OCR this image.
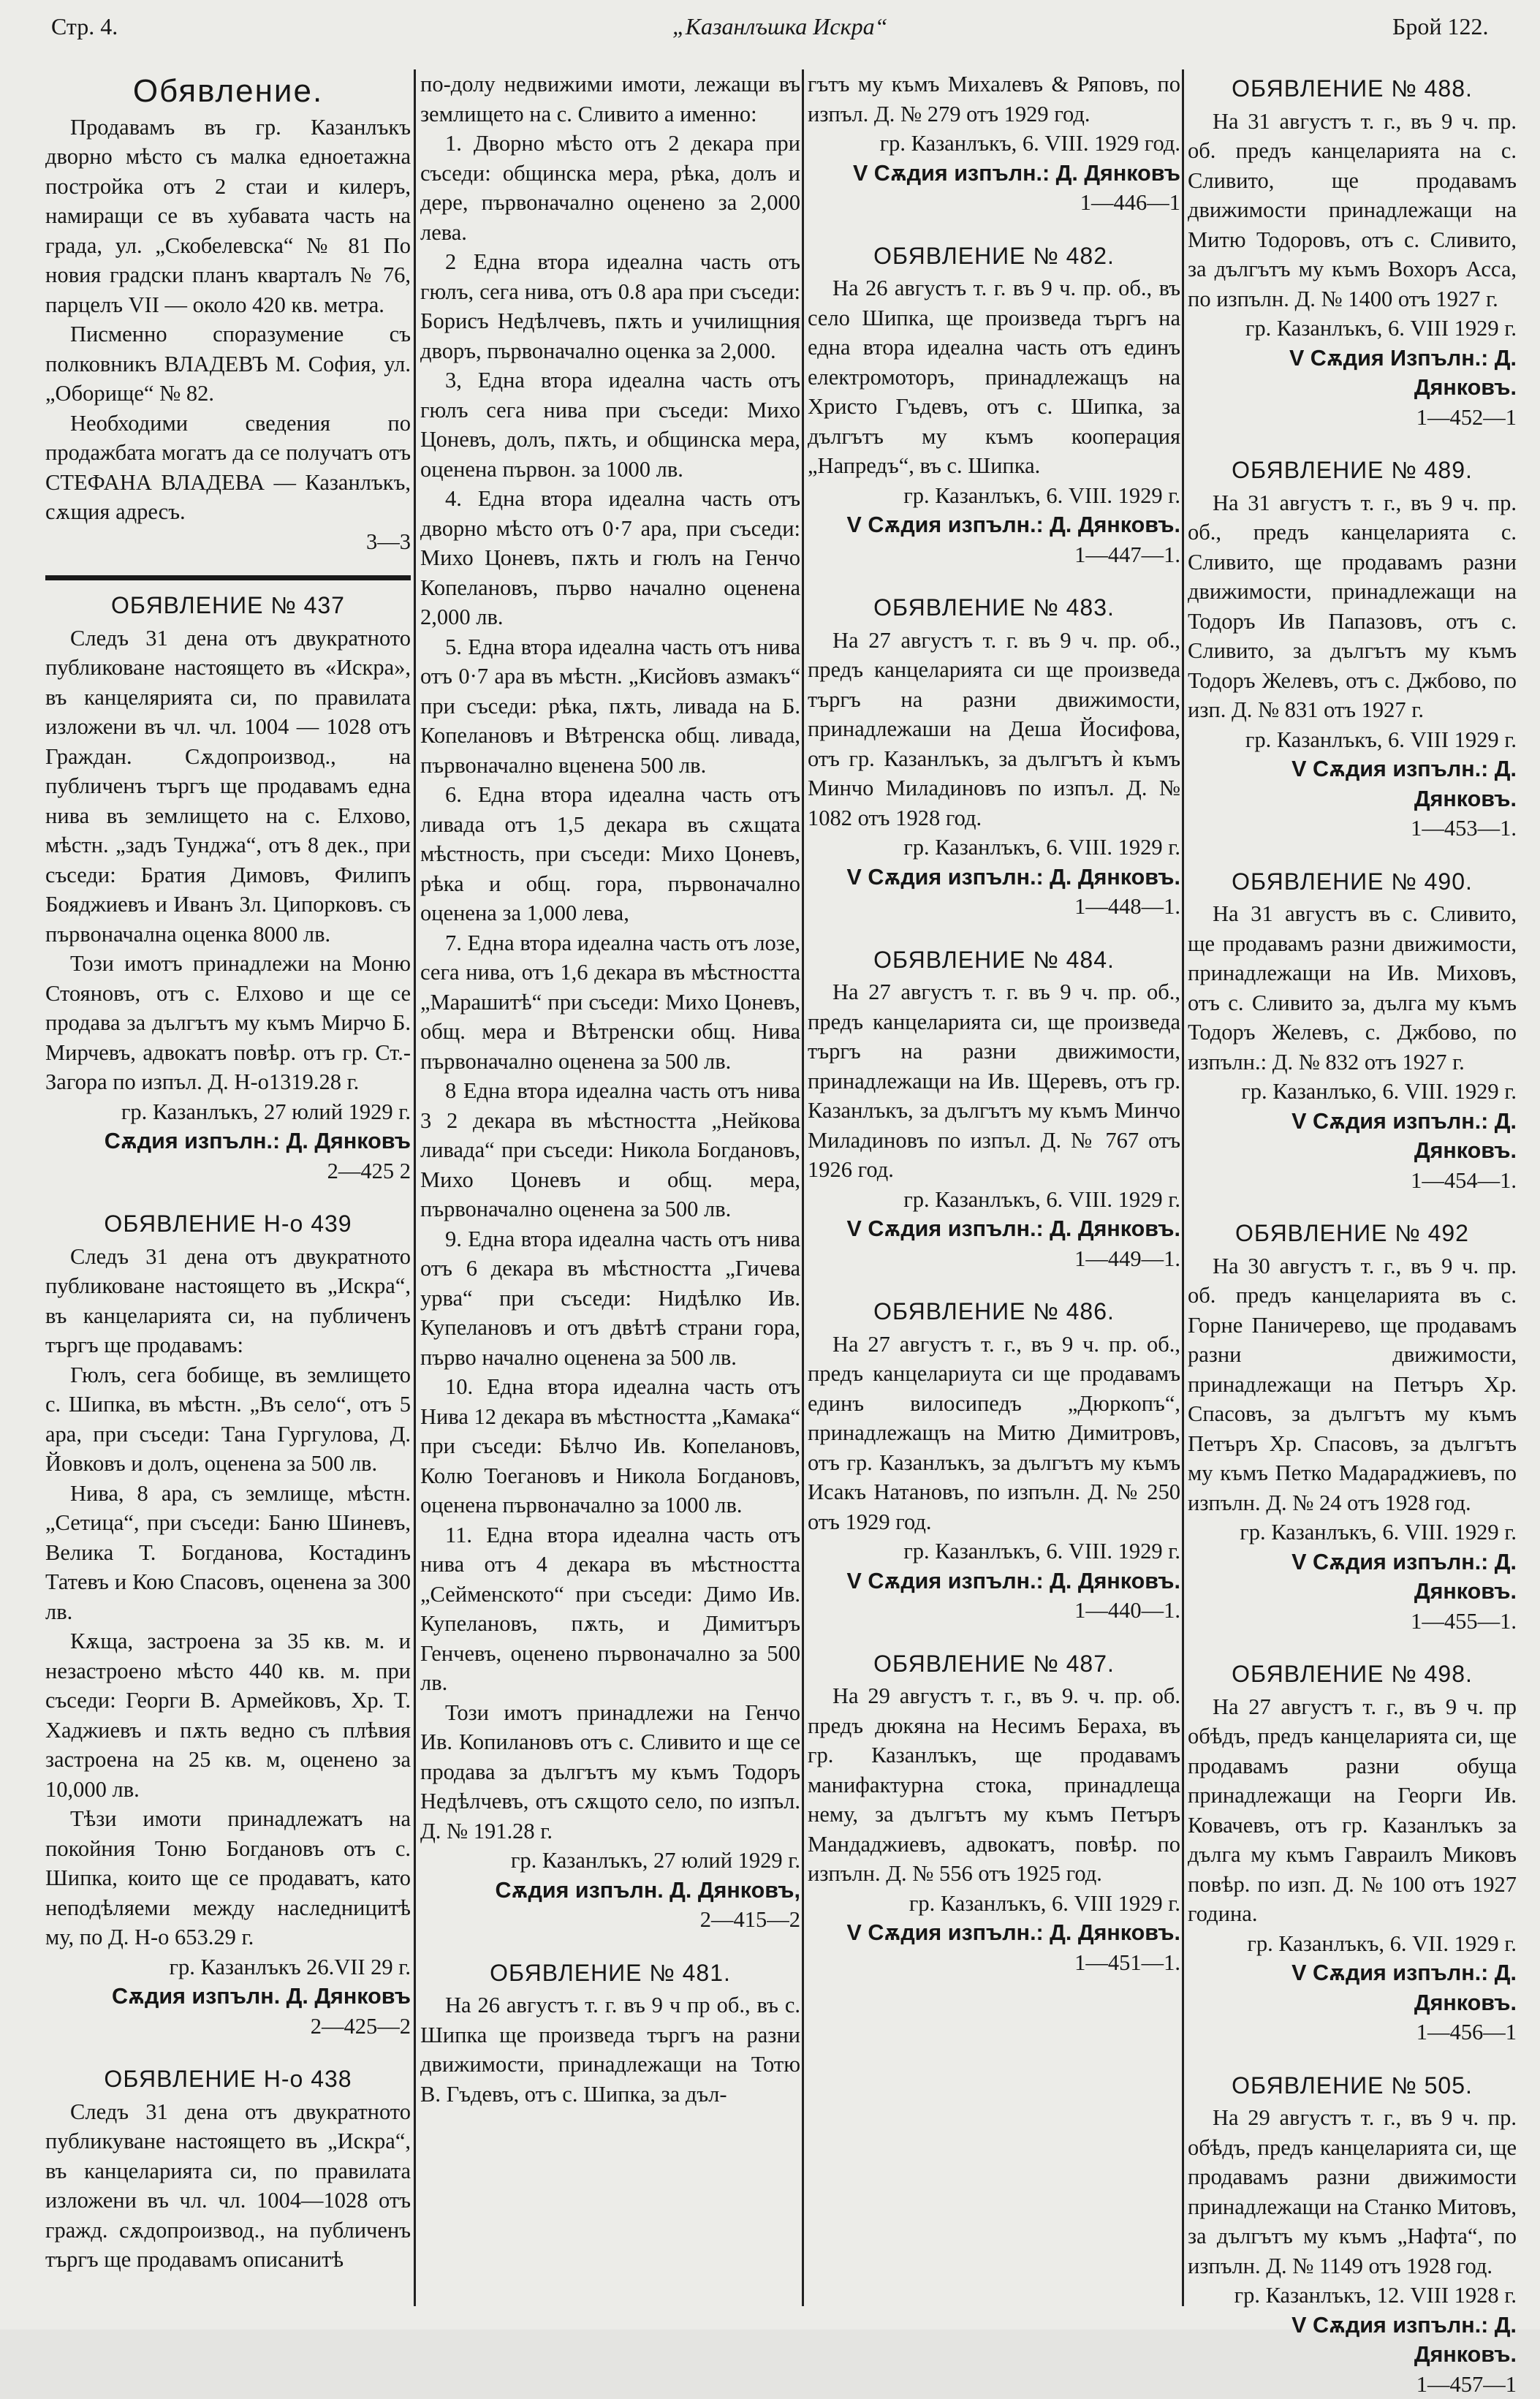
Стр. 4.	„Казанлъшка Искра“	Брой 122.
Обявление.

Продавамъ въ гр. Казанлъкъ дворно мѣсто съ малка едноетажна постройка отъ 2 стаи и килеръ, намиращи се въ хубавата часть на града, ул. „Скобелевска“ № 81 По новия градски планъ кварталъ № 76, парцелъ VII — около 420 кв. метра.

Писменно споразумение съ полковникъ ВЛАДЕВЪ М. София, ул. „Оборище“ № 82.

Необходими сведения по продажбата могатъ да се получатъ отъ СТЕФАНА ВЛАДЕВА — Казанлъкъ, сѫщия адресъ.

3—3

ОБЯВЛЕНИЕ № 437

Следъ 31 дена отъ двукратното публиковане настоящето въ «Искра», въ канцелярията си, по правилата изложени въ чл. чл. 1004 — 1028 отъ Граждан. Сѫдопроизвод., на публиченъ търгъ ще продавамъ една нива въ землището на с. Елхово, мѣстн. „задъ Тунджа“, отъ 8 дек., при съседи: Братия Димовъ, Филипъ Бояджиевъ и Иванъ Зл. Ципорковъ. съ първоначална оценка 8000 лв.

Този имотъ принадлежи на Моню Стояновъ, отъ с. Елхово и ще се продава за дългътъ му къмъ Мирчо Б. Мирчевъ, адвокатъ повѣр. отъ гр. Ст.-Загора по изпъл. Д. Н-о1319.28 г.

гр. Казанлъкъ, 27 юлий 1929 г.

Сѫдия изпълн.: Д. Дянковъ

2—425 2

ОБЯВЛЕНИЕ Н-о 439

Следъ 31 дена отъ двукратното публиковане настоящето въ „Искра“, въ канцеларията си, на публиченъ търгъ ще продавамъ:

Гюлъ, сега бобище, въ землището с. Шипка, въ мѣстн. „Въ село“, отъ 5 ара, при съседи: Тана Гургулова, Д. Йовковъ и долъ, оценена за 500 лв.

Нива, 8 ара, съ землище, мѣстн. „Сетица“, при съседи: Баню Шиневъ, Велика Т. Богданова, Костадинъ Татевъ и Кою Спасовъ, оценена за 300 лв.

Кѫща, застроена за 35 кв. м. и незастроено мѣсто 440 кв. м. при съседи: Георги В. Армейковъ, Хр. Т. Хаджиевъ и пѫть ведно съ плѣвия застроена на 25 кв. м, оценено за 10,000 лв.

Тѣзи имоти принадлежатъ на покойния Тоню Богдановъ отъ с. Шипка, които ще се продаватъ, като неподѣляеми между наследницитѣ му, по Д. Н-о 653.29 г.

гр. Казанлъкъ 26.VII 29 г.

Сѫдия изпълн. Д. Дянковъ

2—425—2

ОБЯВЛЕНИЕ Н-о 438

Следъ 31 дена отъ двукратното публикуване настоящето въ „Искра“, въ канцеларията си, по правилата изложени въ чл. чл. 1004—1028 отъ гражд. сѫдопроизвод., на публиченъ търгъ ще продавамъ описанитѣ

по-долу недвижими имоти, лежащи въ землището на с. Сливито а именно:

1. Дворно мѣсто отъ 2 декара при съседи: общинска мера, рѣка, долъ и дере, първоначално оценено за 2,000 лева.

2 Една втора идеална часть отъ гюлъ, сега нива, отъ 0.8 ара при съседи: Борисъ Недѣлчевъ, пѫть и училищния дворъ, първоначално оценка за 2,000.

3, Една втора идеална часть отъ гюлъ сега нива при съседи: Михо Цоневъ, долъ, пѫть, и общинска мера, оценена първон. за 1000 лв.

4. Една втора идеална часть отъ дворно мѣсто отъ 0·7 ара, при съседи: Михо Цоневъ, пѫть и гюлъ на Генчо Копелановъ, първо начално оценена 2,000 лв.

5. Една втора идеална часть отъ нива отъ 0·7 ара въ мѣстн. „Кисйовъ азмакъ“ при съседи: рѣка, пѫть, ливада на Б. Копелановъ и Вѣтренска общ. ливада, първоначално вценена 500 лв.

6. Една втора идеална часть отъ ливада отъ 1,5 декара въ сѫщата мѣстность, при съседи: Михо Цоневъ, рѣка и общ. гора, първоначално оценена за 1,000 лева,

7. Една втора идеална часть отъ лозе, сега нива, отъ 1,6 декара въ мѣстността „Марашитѣ“ при съседи: Михо Цоневъ, общ. мера и Вѣтренски общ. Нива първоначално оценена за 500 лв.

8 Една втора идеална часть отъ нива 3 2 декара въ мѣстността „Нейкова ливада“ при съседи: Никола Богдановъ, Михо Цоневъ и общ. мера, първоначално оценена за 500 лв.

9. Една втора идеална часть отъ нива отъ 6 декара въ мѣстността „Гичева урва“ при съседи: Нидѣлко Ив. Купелановъ и отъ двѣтѣ страни гора, първо начално оценена за 500 лв.

10. Една втора идеална часть отъ Нива 12 декара въ мѣстността „Камака“ при съседи: Бѣлчо Ив. Копелановъ, Колю Тоегановъ и Никола Богдановъ, оценена първоначално за 1000 лв.

11. Една втора идеална часть отъ нива отъ 4 декара въ мѣстността „Сейменското“ при съседи: Димо Ив. Купелановъ, пѫть, и Димитъръ Генчевъ, оценено първоначално за 500 лв.

Този имотъ принадлежи на Генчо Ив. Копилановъ отъ с. Сливито и ще се продава за дългътъ му къмъ Тодоръ Недѣлчевъ, отъ сѫщото село, по изпъл. Д. № 191.28 г.

гр. Казанлъкъ, 27 юлий 1929 г.

Сѫдия изпълн. Д. Дянковъ,

2—415—2

ОБЯВЛЕНИЕ № 481.

На 26 августъ т. г. въ 9 ч пр об., въ с. Шипка ще произведа търгъ на разни движимости, принадлежащи на Тотю В. Гъдевъ, отъ с. Шипка, за дъл-

гътъ му къмъ Михалевъ & Ряповъ, по изпъл. Д. № 279 отъ 1929 год.

гр. Казанлъкъ, 6. VIII. 1929 год.

V Сѫдия изпълн.: Д. Дянковъ

1—446—1

ОБЯВЛЕНИЕ № 482.

На 26 августъ т. г. въ 9 ч. пр. об., въ село Шипка, ще произведа търгъ на една втора идеална часть отъ единъ електромоторъ, принадлежащъ на Христо Гъдевъ, отъ с. Шипка, за дългътъ му къмъ кооперация „Напредъ“, въ с. Шипка.

гр. Казанлъкъ, 6. VIII. 1929 г.

V Сѫдия изпълн.: Д. Дянковъ.

1—447—1.

ОБЯВЛЕНИЕ № 483.

На 27 августъ т. г. въ 9 ч. пр. об., предъ канцеларията си ще произведа търгъ на разни движимости, принадлежаши на Деша Йосифова, отъ гр. Казанлъкъ, за дългътъ ѝ къмъ Минчо Миладиновъ по изпъл. Д. № 1082 отъ 1928 год.

гр. Казанлъкъ, 6. VIII. 1929 г.

V Сѫдия изпълн.: Д. Дянковъ.

1—448—1.

ОБЯВЛЕНИЕ № 484.

На 27 августъ т. г. въ 9 ч. пр. об., предъ канцеларията си, ще произведа търгъ на разни движимости, принадлежащи на Ив. Щеревъ, отъ гр. Казанлъкъ, за дългътъ му къмъ Минчо Миладиновъ по изпъл. Д. № 767 отъ 1926 год.

гр. Казанлъкъ, 6. VIII. 1929 г.

V Сѫдия изпълн.: Д. Дянковъ.

1—449—1.

ОБЯВЛЕНИЕ № 486.

На 27 августъ т. г., въ 9 ч. пр. об., предъ канцелариута си ще продавамъ единъ вилосипедъ „Дюркопъ“, принадлежащъ на Митю Димитровъ, отъ гр. Казанлъкъ, за дългътъ му къмъ Исакъ Натановъ, по изпълн. Д. № 250 отъ 1929 год.

гр. Казанлъкъ, 6. VIII. 1929 г.

V Сѫдия изпълн.: Д. Дянковъ.

1—440—1.

ОБЯВЛЕНИЕ № 487.

На 29 августъ т. г., въ 9. ч. пр. об. предъ дюкяна на Несимъ Бераха, въ гр. Казанлъкъ, ще продавамъ манифактурна стока, принадлеща нему, за дългътъ му къмъ Петъръ Мандаджиевъ, адвокатъ, повѣр. по изпълн. Д. № 556 отъ 1925 год.

гр. Казанлъкъ, 6. VIII 1929 г.

V Сѫдия изпълн.: Д. Дянковъ.

1—451—1.

ОБЯВЛЕНИЕ № 488.

На 31 августъ т. г., въ 9 ч. пр. об. предъ канцеларията на с. Сливито, ще продавамъ движимости принадлежащи на Митю Тодоровъ, отъ с. Сливито, за дългътъ му къмъ Вохоръ Асса, по изпълн. Д. № 1400 отъ 1927 г.

гр. Казанлъкъ, 6. VIII 1929 г.

V Сѫдия Изпълн.: Д. Дянковъ.

1—452—1

ОБЯВЛЕНИЕ № 489.

На 31 августъ т. г., въ 9 ч. пр. об., предъ канцеларията с. Сливито, ще продавамъ разни движимости, принадлежащи на Тодоръ Ив Папазовъ, отъ с. Сливито, за дългътъ му къмъ Тодоръ Желевъ, отъ с. Джбово, по изп. Д. № 831 отъ 1927 г.

гр. Казанлъкъ, 6. VIII 1929 г.

V Сѫдия изпълн.: Д. Дянковъ.

1—453—1.

ОБЯВЛЕНИЕ № 490.

На 31 августъ въ с. Сливито, ще продавамъ разни движимости, принадлежащи на Ив. Миховъ, отъ с. Сливито за, дълга му къмъ Тодоръ Желевъ, с. Джбово, по изпълн.: Д. № 832 отъ 1927 г.

гр. Казанлъко, 6. VIII. 1929 г.

V Сѫдия изпълн.: Д. Дянковъ.

1—454—1.

ОБЯВЛЕНИЕ № 492

На 30 августъ т. г., въ 9 ч. пр. об. предъ канцеларията въ с. Горне Паничерево, ще продавамъ разни движимости, принадлежащи на Петъръ Хр. Спасовъ, за дългътъ му къмъ Петъръ Хр. Спасовъ, за дългътъ му къмъ Петко Мадараджиевъ, по изпълн. Д. № 24 отъ 1928 год.

гр. Казанлъкъ, 6. VIII. 1929 г.

V Сѫдия изпълн.: Д. Дянковъ.

1—455—1.

ОБЯВЛЕНИЕ № 498.

На 27 августъ т. г., въ 9 ч. пр обѣдъ, предъ канцеларията си, ще продавамъ разни обуща принадлежащи на Георги Ив. Ковачевъ, отъ гр. Казанлъкъ за дълга му къмъ Гавраилъ Миковъ повѣр. по изп. Д. № 100 отъ 1927 година.

гр. Казанлъкъ, 6. VII. 1929 г.

V Сѫдия изпълн.: Д. Дянковъ.

1—456—1

ОБЯВЛЕНИЕ № 505.

На 29 августъ т. г., въ 9 ч. пр. обѣдъ, предъ канцеларията си, ще продавамъ разни движимости принадлежащи на Станко Митовъ, за дългътъ му къмъ „Нафта“, по изпълн. Д. № 1149 отъ 1928 год.

гр. Казанлъкъ, 12. VIII 1928 г.

V Сѫдия изпълн.: Д. Дянковъ.

1—457—1
